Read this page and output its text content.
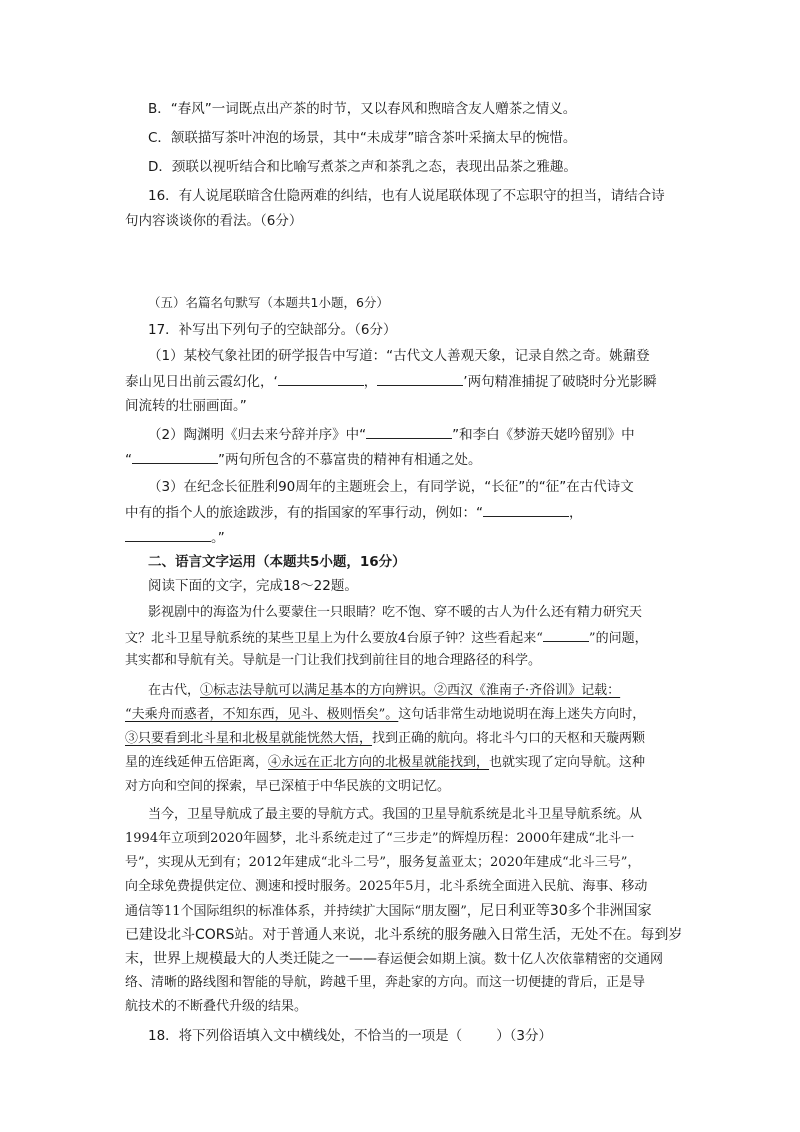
B．“春风”一词既点出产茶的时节，又以春风和煦暗含友人赠茶之情义。
C．颔联描写茶叶冲泡的场景，其中“未成芽”暗含茶叶采摘太早的惋惜。
D．颈联以视听结合和比喻写煮茶之声和茶乳之态，表现出品茶之雅趣。
16．有人说尾联暗含仕隐两难的纠结，也有人说尾联体现了不忘职守的担当，请结合诗
句内容谈谈你的看法。（6分）
（五）名篇名句默写（本题共1小题，6分）
17．补写出下列句子的空缺部分。（6分）
（1）某校气象社团的研学报告中写道：“古代文人善观天象，记录自然之奇。姚鼐登
泰山见日出前云霞幻化，‘	，	’两句精准捕捉了破晓时分光影瞬
间流转的壮丽画面。”
（2）陶渊明《归去来兮辞并序》中“	”和李白《梦游天姥吟留别》中
“	”两句所包含的不慕富贵的精神有相通之处。
（3）在纪念长征胜利90周年的主题班会上，有同学说，“长征”的“征”在古代诗文
中有的指个人的旅途跋涉，有的指国家的军事行动，例如：“	，
。”
二、语言文字运用（本题共5小题，16分）
阅读下面的文字，完成18～22题。
影视剧中的海盗为什么要蒙住一只眼睛？吃不饱、穿不暖的古人为什么还有精力研究天
文？北斗卫星导航系统的某些卫星上为什么要放4台原子钟？这些看起来“	”的问题，
其实都和导航有关。导航是一门让我们找到前往目的地合理路径的科学。
在古代，①标志法导航可以满足基本的方向辨识。②西汉《淮南子·齐俗训》记载：
“夫乘舟而惑者，不知东西，见斗、极则悟矣”。这句话非常生动地说明在海上迷失方向时，
③只要看到北斗星和北极星就能恍然大悟，找到正确的航向。将北斗勺口的天枢和天璇两颗
星的连线延伸五倍距离，④永远在正北方向的北极星就能找到，也就实现了定向导航。这种
对方向和空间的探索，早已深植于中华民族的文明记忆。
当今，卫星导航成了最主要的导航方式。我国的卫星导航系统是北斗卫星导航系统。从
1994年立项到2020年圆梦，北斗系统走过了“三步走”的辉煌历程：2000年建成“北斗一
号”，实现从无到有；2012年建成“北斗二号”，服务复盖亚太；2020年建成“北斗三号”，
向全球免费提供定位、测速和授时服务。2025年5月，北斗系统全面进入民航、海事、移动
通信等11个国际组织的标准体系，并持续扩大国际“朋友圈”，尼日利亚等30多个非洲国家
已建设北斗CORS站。对于普通人来说，北斗系统的服务融入日常生活，无处不在。每到岁
末，世界上规模最大的人类迁陡之一——春运便会如期上演。数十亿人次依靠精密的交通网
络、清晰的路线图和智能的导航，跨越千里，奔赴家的方向。而这一切便捷的背后，正是导
航技术的不断叠代升级的结果。
18．将下列俗语填入文中横线处，不恰当的一项是（	）（3分）
